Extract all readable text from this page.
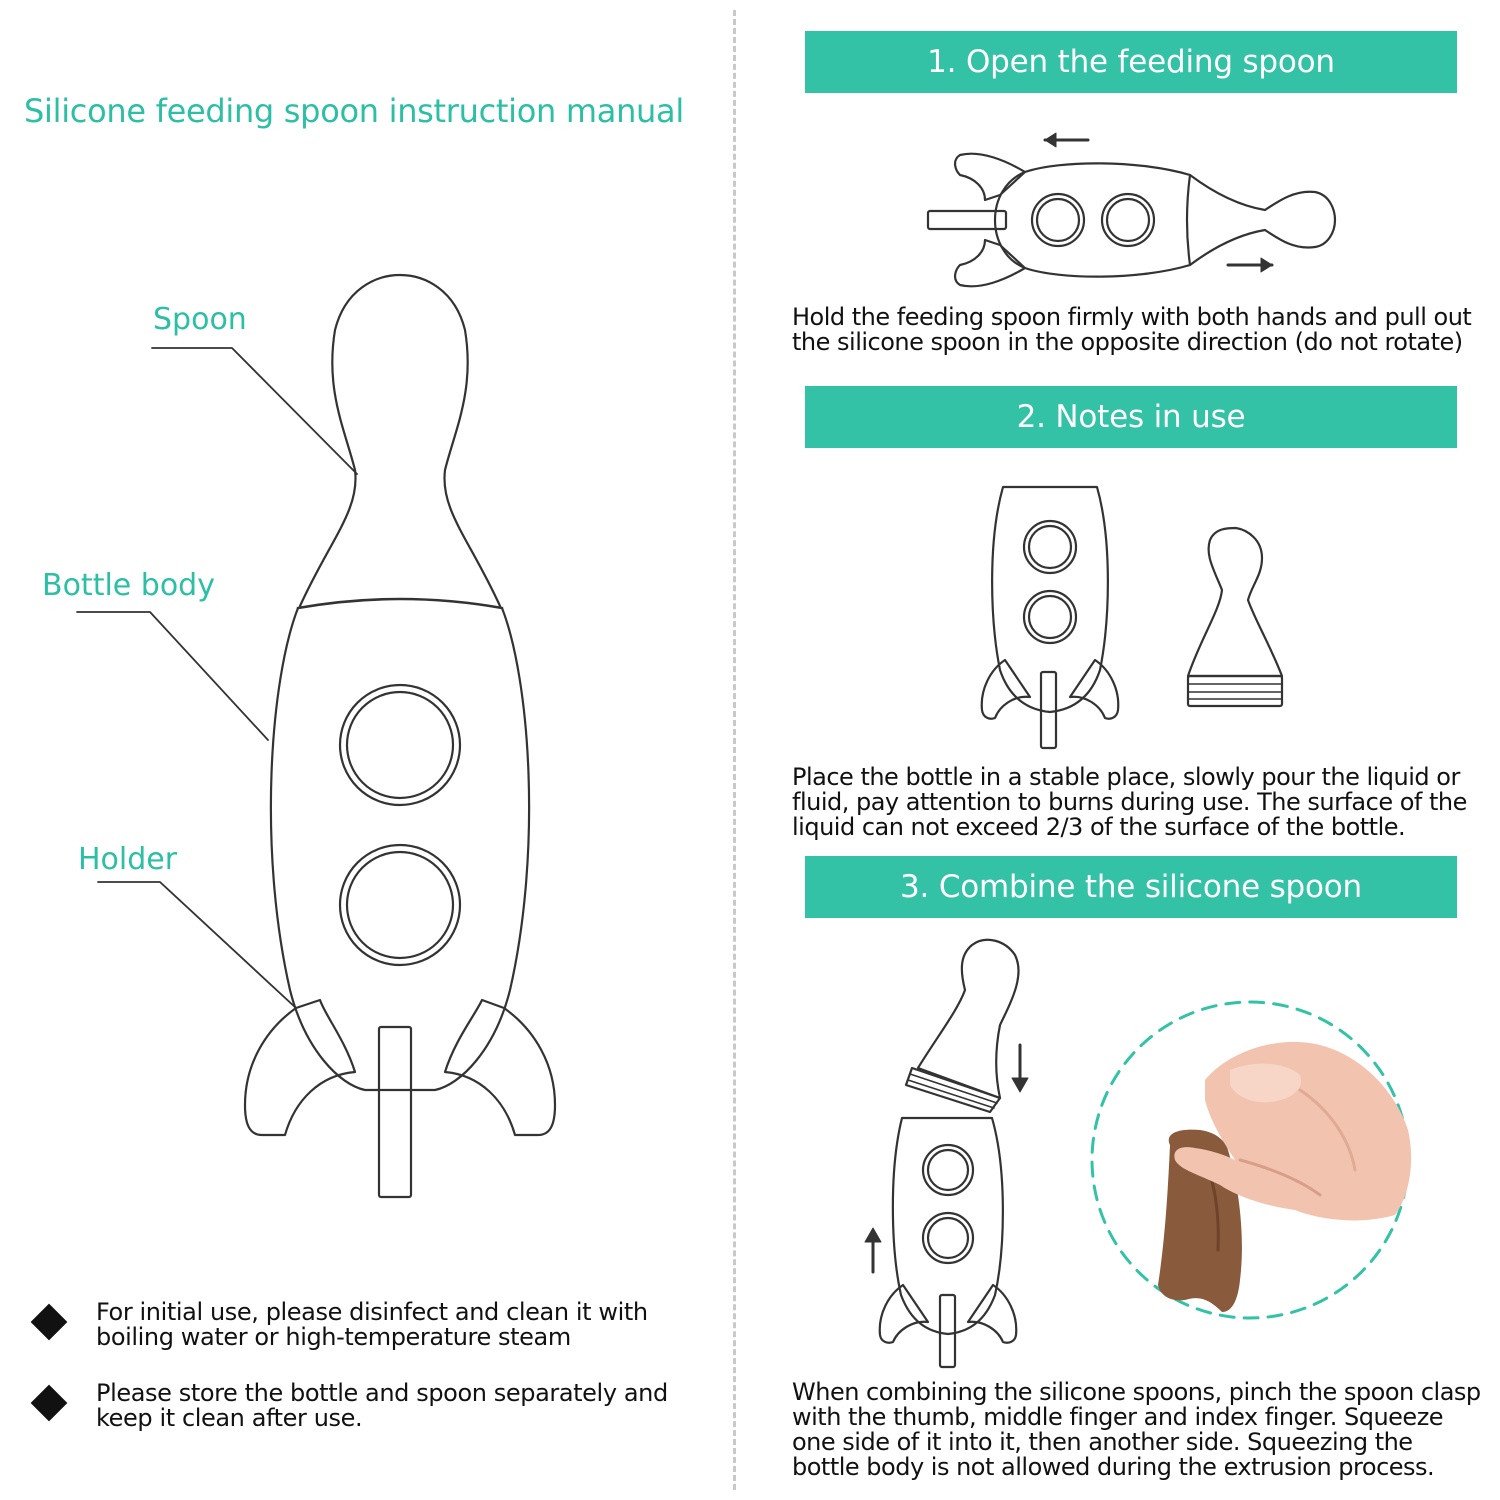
Silicone feeding spoon instruction manual
Spoon
Bottle body
Holder
For initial use, please disinfect and clean it with boiling water or high-temperature steam
Please store the bottle and spoon separately and keep it clean after use.
1. Open the feeding spoon
Hold the feeding spoon firmly with both hands and pull out the silicone spoon in the opposite direction (do not rotate)
2. Notes in use
Place the bottle in a stable place, slowly pour the liquid or fluid, pay attention to burns during use. The surface of the liquid can not exceed 2/3 of the surface of the bottle.
3. Combine the silicone spoon
When combining the silicone spoons, pinch the spoon clasp with the thumb, middle finger and index finger. Squeeze one side of it into it, then another side. Squeezing the bottle body is not allowed during the extrusion process.
